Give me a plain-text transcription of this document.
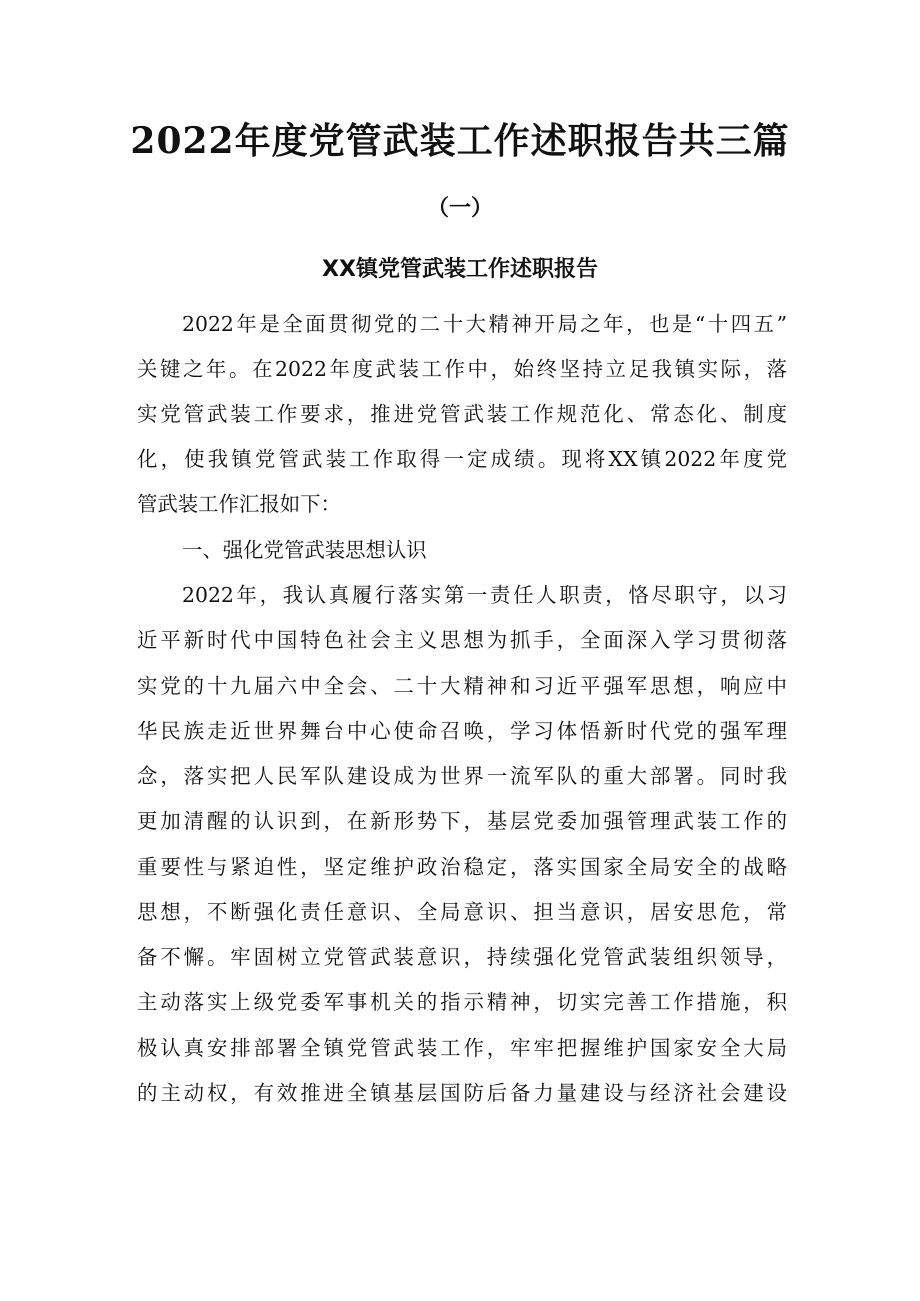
2022年度党管武装工作述职报告共三篇
（一）
XX镇党管武装工作述职报告
2022年是全面贯彻党的二十大精神开局之年，也是“十四五”
关键之年。在2022年度武装工作中，始终坚持立足我镇实际，落
实党管武装工作要求，推进党管武装工作规范化、常态化、制度
化，使我镇党管武装工作取得一定成绩。现将XX镇2022年度党
管武装工作汇报如下：
一、强化党管武装思想认识
2022年，我认真履行落实第一责任人职责，恪尽职守，以习
近平新时代中国特色社会主义思想为抓手，全面深入学习贯彻落
实党的十九届六中全会、二十大精神和习近平强军思想，响应中
华民族走近世界舞台中心使命召唤，学习体悟新时代党的强军理
念，落实把人民军队建设成为世界一流军队的重大部署。同时我
更加清醒的认识到，在新形势下，基层党委加强管理武装工作的
重要性与紧迫性，坚定维护政治稳定，落实国家全局安全的战略
思想，不断强化责任意识、全局意识、担当意识，居安思危，常
备不懈。牢固树立党管武装意识，持续强化党管武装组织领导，
主动落实上级党委军事机关的指示精神，切实完善工作措施，积
极认真安排部署全镇党管武装工作，牢牢把握维护国家安全大局
的主动权，有效推进全镇基层国防后备力量建设与经济社会建设
